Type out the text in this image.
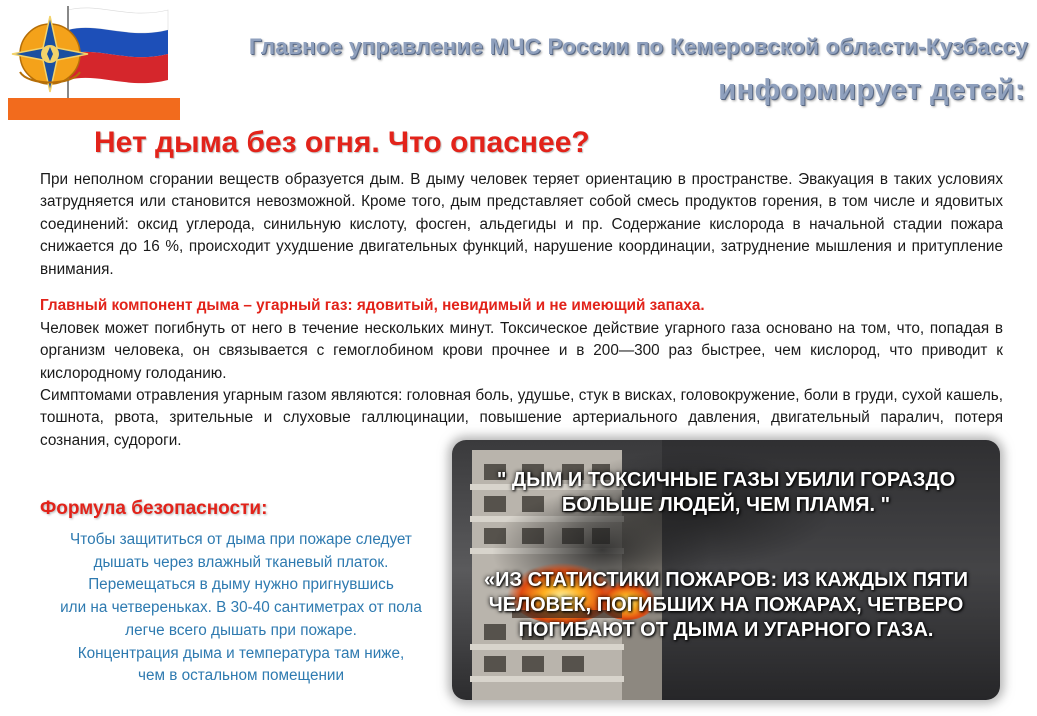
Главное управление МЧС России по Кемеровской области-Кузбассу
информирует детей:
Нет дыма без огня. Что опаснее?

При неполном сгорании веществ образуется дым. В дыму человек теряет ориентацию в пространстве. Эвакуация в таких условиях затрудняется или становится невозможной. Кроме того, дым представляет собой смесь продуктов горения, в том числе и ядовитых соединений: оксид углерода, синильную кислоту, фосген, альдегиды и пр. Содержание кислорода в начальной стадии пожара снижается до 16 %, происходит ухудшение двигательных функций, нарушение координации, затруднение мышления и притупление внимания.

Главный компонент дыма – угарный газ: ядовитый, невидимый и не имеющий запаха.

Человек может погибнуть от него в течение нескольких минут. Токсическое действие угарного газа основано на том, что, попадая в организм человека, он связывается с гемоглобином крови прочнее и в 200—300 раз быстрее, чем кислород, что приводит к кислородному голоданию.

Симптомами отравления угарным газом являются: головная боль, удушье, стук в висках, головокружение, боли в груди, сухой кашель, тошнота, рвота, зрительные и слуховые галлюцинации, повышение артериального давления, двигательный паралич, потеря сознания, судороги.

Формула безопасности:
Чтобы защититься от дыма при пожаре следует
дышать через влажный тканевый платок.
Перемещаться в дыму нужно пригнувшись
или на четвереньках. В 30-40 сантиметрах от пола
легче всего дышать при пожаре.
Концентрация дыма и температура там ниже,
чем в остальном помещении
" ДЫМ И ТОКСИЧНЫЕ ГАЗЫ УБИЛИ ГОРАЗДО БОЛЬШЕ ЛЮДЕЙ, ЧЕМ ПЛАМЯ. "
«ИЗ СТАТИСТИКИ ПОЖАРОВ: ИЗ КАЖДЫХ ПЯТИ ЧЕЛОВЕК, ПОГИБШИХ НА ПОЖАРАХ, ЧЕТВЕРО ПОГИБАЮТ ОТ ДЫМА И УГАРНОГО ГАЗА.
